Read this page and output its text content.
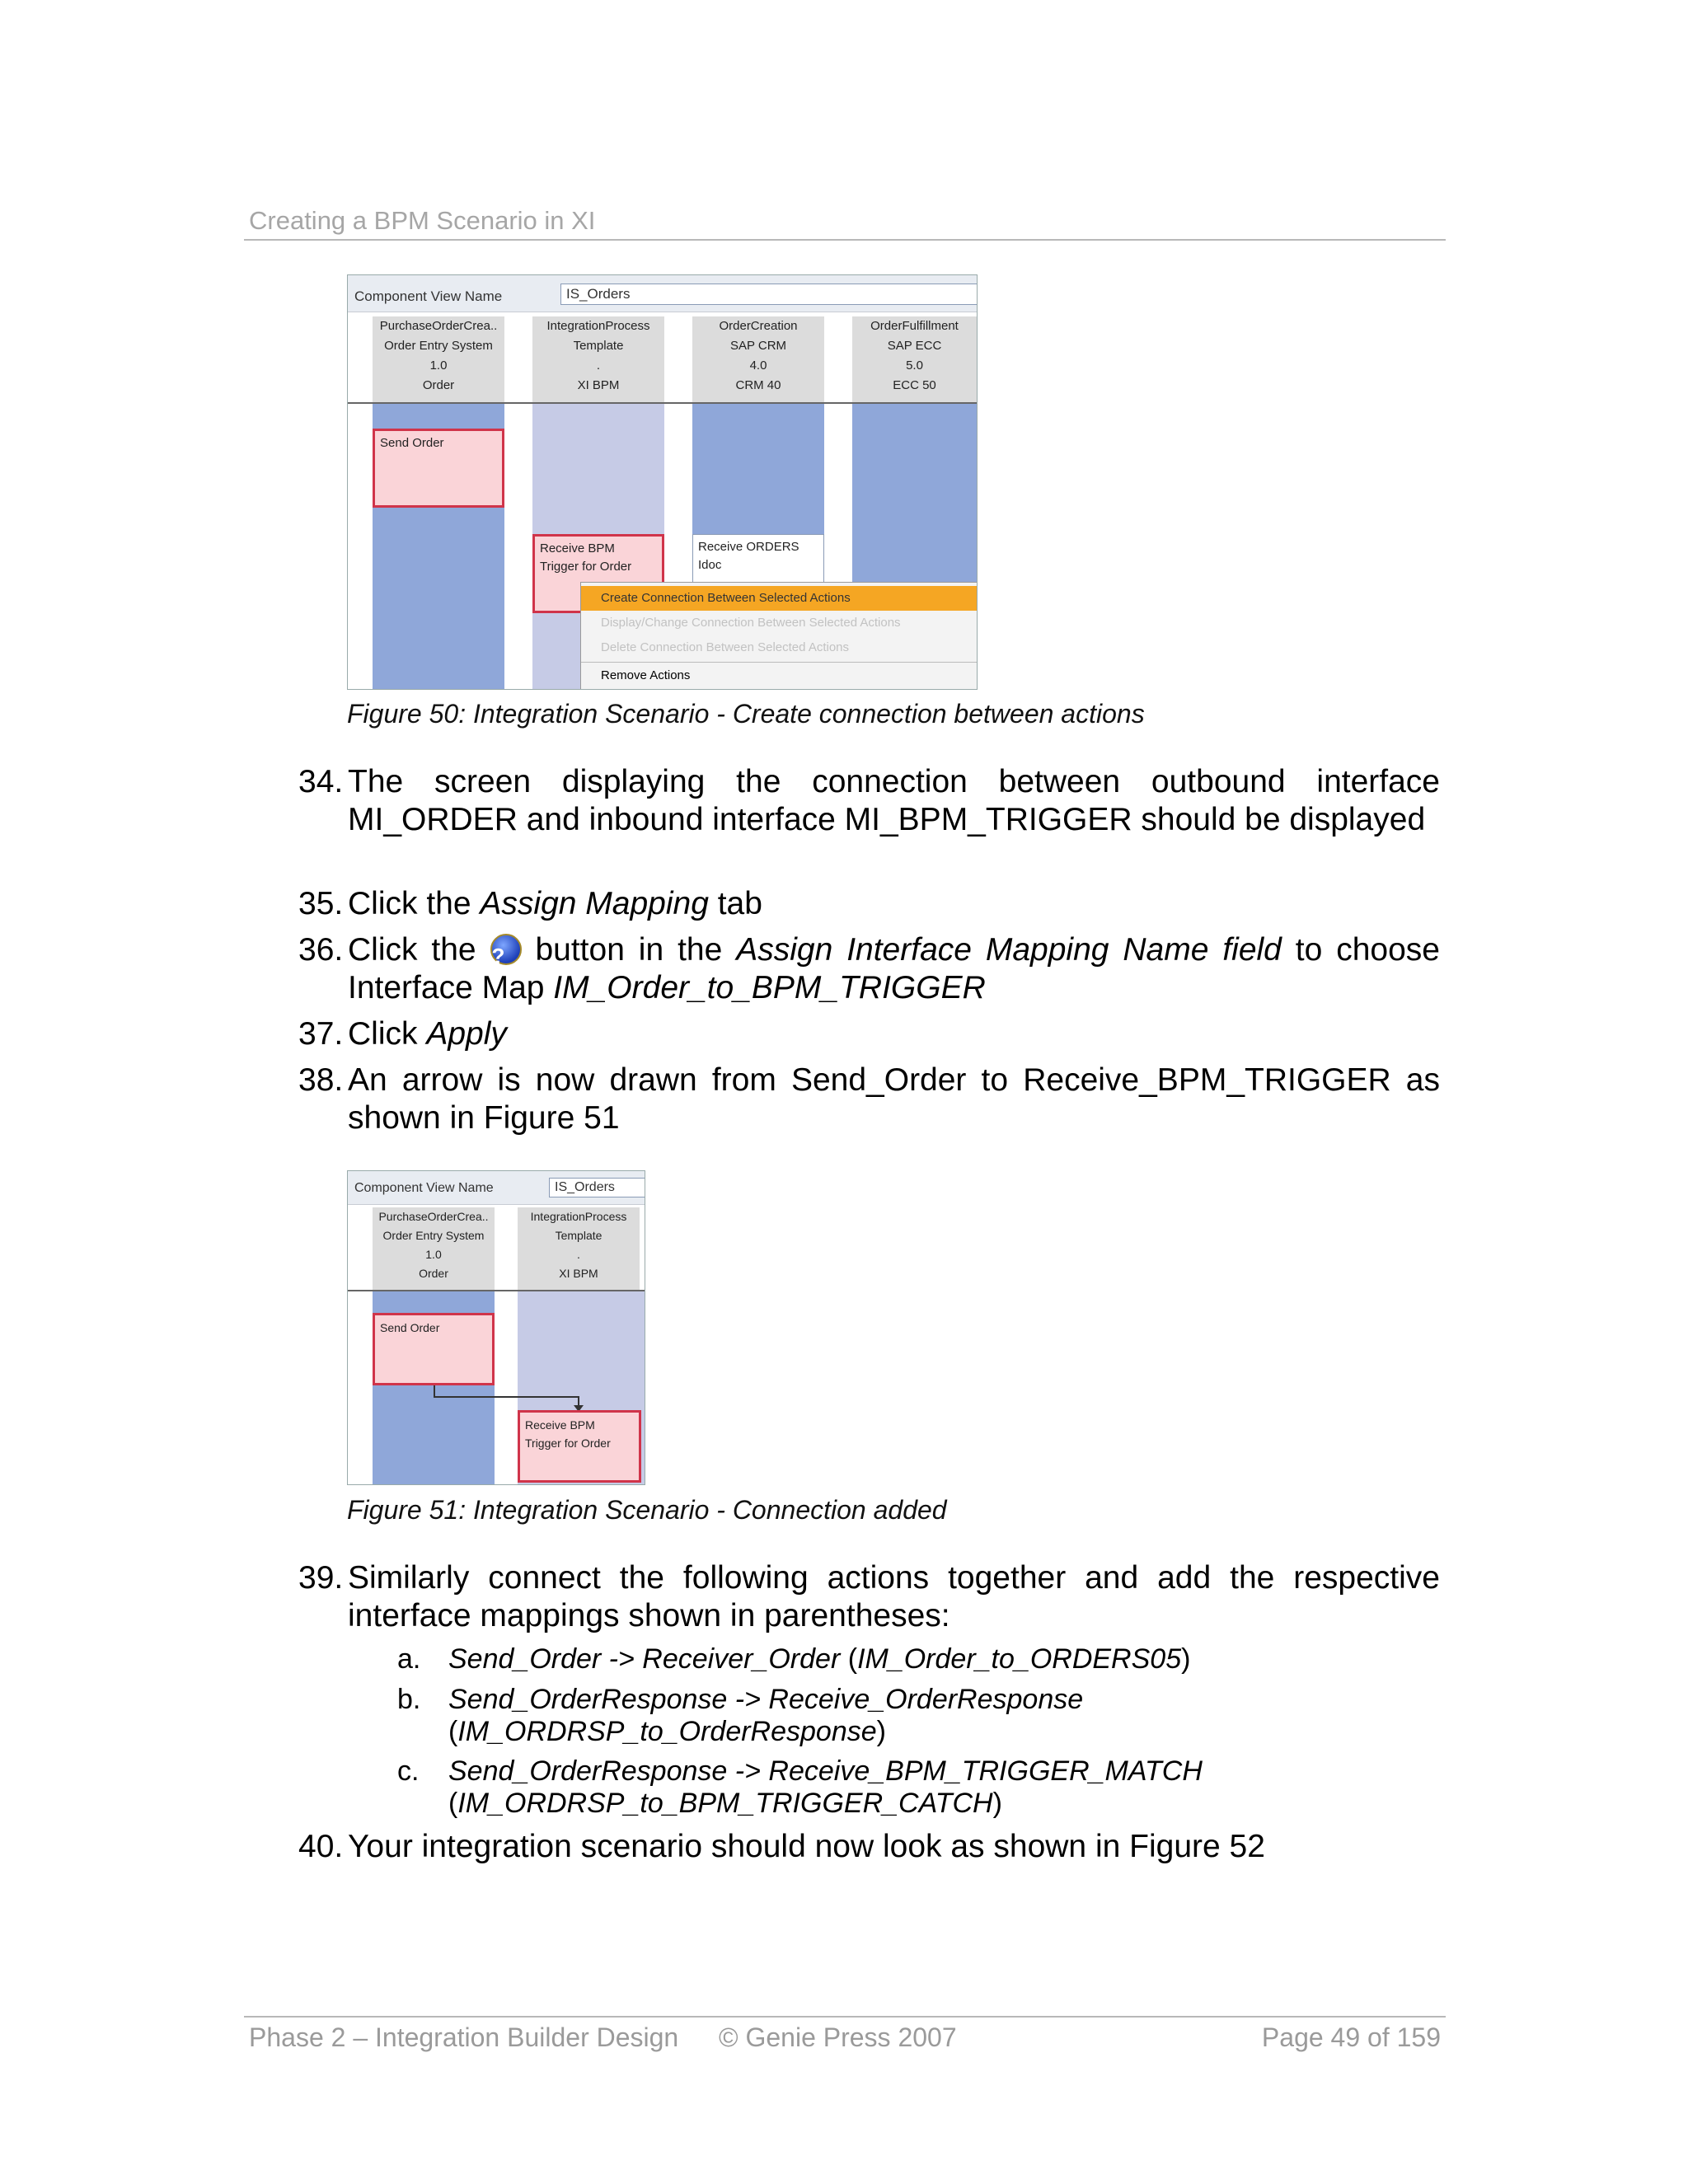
Creating a BPM Scenario in XI
Component View Name	IS_Orders
PurchaseOrderCrea..
Order Entry System
1.0
Order
IntegrationProcess
Template
.
XI BPM
OrderCreation
SAP CRM
4.0
CRM 40
OrderFulfillment
SAP ECC
5.0
ECC 50
Send Order
Receive BPM
Trigger for Order
Receive ORDERS
Idoc
Create Connection Between Selected Actions
Display/Change Connection Between Selected Actions
Delete Connection Between Selected Actions
Remove Actions
Figure 50: Integration Scenario - Create connection between actions
34. The screen displaying the connection between outbound interface MI_ORDER and inbound interface MI_BPM_TRIGGER should be displayed
35. Click the Assign Mapping tab
36. Click the ? button in the Assign Interface Mapping Name field to choose Interface Map IM_Order_to_BPM_TRIGGER
37. Click Apply
38. An arrow is now drawn from Send_Order to Receive_BPM_TRIGGER as shown in Figure 51
Component View Name	IS_Orders
PurchaseOrderCrea..
Order Entry System
1.0
Order
IntegrationProcess
Template
.
XI BPM
Send Order
Receive BPM
Trigger for Order
Figure 51: Integration Scenario - Connection added
39. Similarly connect the following actions together and add the respective interface mappings shown in parentheses:
a. Send_Order -> Receiver_Order (IM_Order_to_ORDERS05)
b. Send_OrderResponse -> Receive_OrderResponse
(IM_ORDRSP_to_OrderResponse)
c. Send_OrderResponse -> Receive_BPM_TRIGGER_MATCH
(IM_ORDRSP_to_BPM_TRIGGER_CATCH)
40. Your integration scenario should now look as shown in Figure 52
Phase 2 – Integration Builder Design © Genie Press 2007	Page 49 of 159
